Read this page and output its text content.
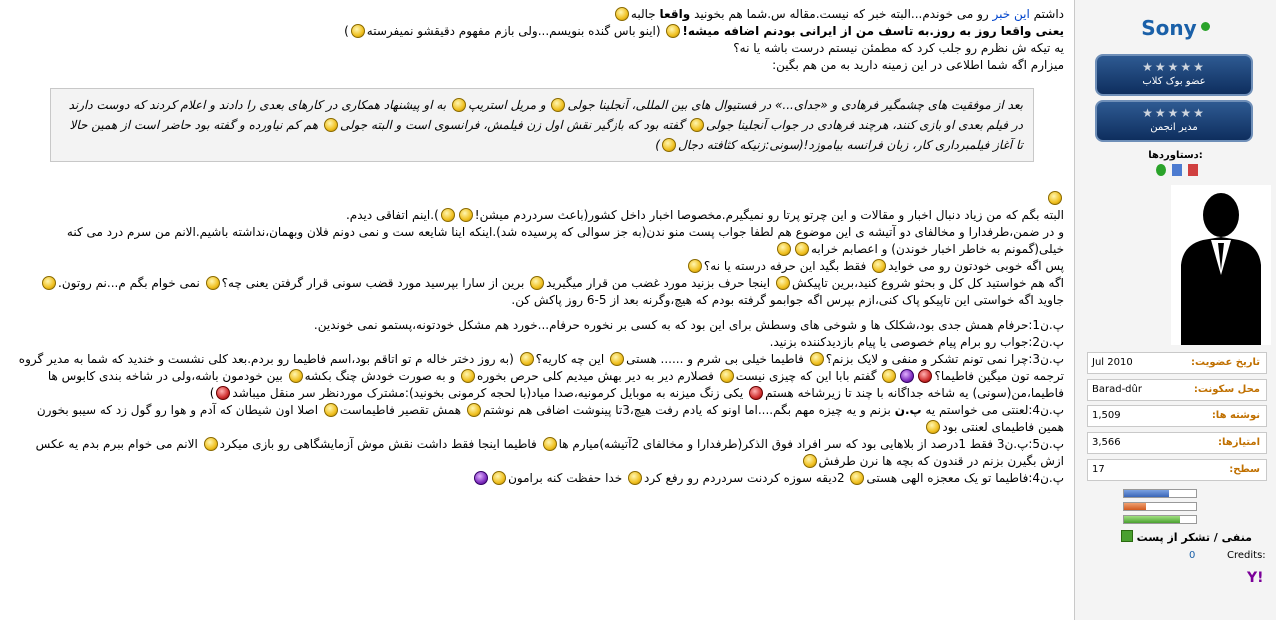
داشتم این خبر رو می خوندم...البته خبر که نیست.مقاله س.شما هم بخونید واقعا جالبه

یعنی واقعا روز به روز.به تاسف من از ایرانی بودنم اضافه میشه! (اینو باس گنده بنویسم...ولی بازم مفهوم دقیقشو نمیفرسته)

یه تیکه ش نظرم رو جلب کرد که مطمئن نیستم درست باشه یا نه؟

میزارم اگه شما اطلاعی در این زمینه دارید به من هم بگین:

بعد از موفقیت های چشمگیر فرهادی و «جدای...» در فستیوال های بین المللی، آنجلینا جولی و مریل استریپ به او پیشنهاد همکاری در کارهای بعدی را دادند و اعلام کردند که دوست دارند در فیلم بعدی او بازی کنند، هرچند فرهادی در جواب آنجلینا جولی گفته بود که بازگیر نقش اول زن فیلمش، فرانسوی است و البته جولی هم کم نیاورده و گفته بود حاضر است از همین حالا تا آغاز فیلمبرداری کار، زبان فرانسه بیاموزد!(سونی:زنیکه کثافته دجال)

البته بگم که من زیاد دنبال اخبار و مقالات و این چرتو پرتا رو نمیگیرم.مخصوصا اخبار داخل کشور(باعث سردردم میشن!).اینم اتفاقی دیدم.

و در ضمن،طرفدارا و مخالفای دو آتیشه ی این موضوع هم لطفا جواب پست منو ندن(به جز سوالی که پرسیده شد).اینکه اینا شایعه ست و نمی دونم فلان وبهمان،نداشته باشیم.الانم من سرم درد می کنه خیلی(گمونم به خاطر اخبار خوندن) و اعصابم خرابه

پس اگه خوبی خودتون رو می خواید فقط بگید این حرفه درسته یا نه؟

اگه هم خواستید کل کل و بحثو شروع کنید،برین تاپیکش اینجا حرف بزنید مورد غضب من قرار میگیرید برین از سارا بپرسید مورد قضب سونی قرار گرفتن یعنی چه؟ نمی خوام بگم م...نم روتون.

جاوید اگه خواستی این تاپیکو پاک کنی،ازم بپرس اگه جوابمو گرفته بودم که هیچ،وگرنه بعد از 5-6 روز پاکش کن.

پ.ن1:حرفام همش جدی بود،شکلک ها و شوخی های وسطش برای این بود که به کسی بر نخوره حرفام...خورد هم مشکل خودتونه،پستمو نمی خوندین.

پ.ن2:جواب رو برام پیام خصوصی یا پیام بازدیدکننده بزنید.

پ.ن3:چرا نمی تونم تشکر و منفی و لایک بزنم؟ فاطیما خیلی بی شرم و ...... هستی این چه کاریه؟ (به روز دختر خاله م تو اتاقم بود،اسم فاطیما رو بردم.بعد کلی نشست و خندید که شما به مدیر گروه ترجمه تون میگین فاطیما؟ گفتم بابا این که چیزی نیست فصلارم دیر به دیر بهش میدیم کلی حرص بخوره و به صورت خودش چنگ بکشه بین خودمون باشه،ولی در شاخه بندی کابوس ها فاطیما،من(سونی) یه شاخه جداگانه با چند تا زیرشاخه هستم یکی زنگ میزنه به موبایل کرمونیه،صدا میاد(با لحجه کرمونی بخونید):مشترک موردنظر سر منقل میباشد)

پ.ن4:لعنتی می خواستم یه پ.ن بزنم و یه چیزه مهم بگم....اما اونو که یادم رفت هیچ،3تا پینوشت اضافی هم نوشتم همش تقصیر فاطیماست اصلا اون شیطان که آدم و هوا رو گول زد که سیبو بخورن همین فاطیمای لعنتی بود

پ.ن5:پ.ن3 فقط 1درصد از بلاهایی بود که سر افراد فوق الذکر(طرفدارا و مخالفای 2آتیشه)میارم ها فاطیما اینجا فقط داشت نقش موش آزمایشگاهی رو بازی میکرد الانم می خوام ببرم بدم یه عکس ازش بگیرن بزنم در قندون که بچه ها نرن طرفش

پ.ن4:فاطیما تو یک معجزه الهی هستی 2دیقه سوزه کردنت سردردم رو رفع کرد خدا حفظت کنه برامون

Sony
★★★★★
عضو بوک کلاب
★★★★★
مدیر انجمن
دستاوردها:

تاریخ عضویت:
Jul 2010
محل سکونت:
Barad-dûr
نوشته ها:
1,509
امتیازها:
3,566
سطح:
17
منفی / تشکر از پست
Credits:
0
Y!
